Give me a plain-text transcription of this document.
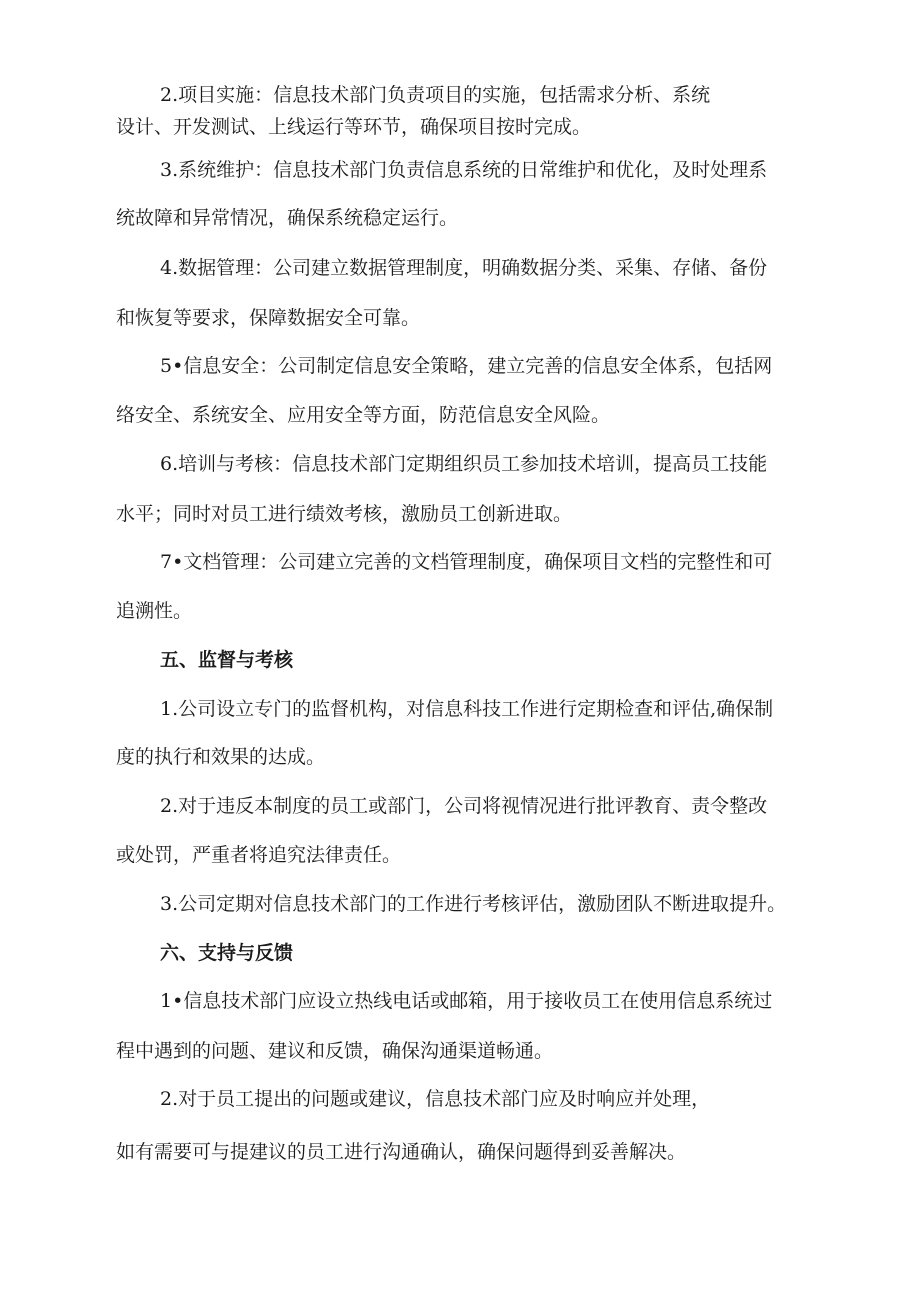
2.项目实施：信息技术部门负责项目的实施，包括需求分析、系统
设计、开发测试、上线运行等环节，确保项目按时完成。
3.系统维护：信息技术部门负责信息系统的日常维护和优化，及时处理系
统故障和异常情况，确保系统稳定运行。
4.数据管理：公司建立数据管理制度，明确数据分类、采集、存储、备份
和恢复等要求，保障数据安全可靠。
5•信息安全：公司制定信息安全策略，建立完善的信息安全体系，包括网
络安全、系统安全、应用安全等方面，防范信息安全风险。
6.培训与考核：信息技术部门定期组织员工参加技术培训，提高员工技能
水平；同时对员工进行绩效考核，激励员工创新进取。
7•文档管理：公司建立完善的文档管理制度，确保项目文档的完整性和可
追溯性。
五、监督与考核
1.公司设立专门的监督机构，对信息科技工作进行定期检查和评估,确保制
度的执行和效果的达成。
2.对于违反本制度的员工或部门，公司将视情况进行批评教育、责令整改
或处罚，严重者将追究法律责任。
3.公司定期对信息技术部门的工作进行考核评估，激励团队不断进取提升。
六、支持与反馈
1•信息技术部门应设立热线电话或邮箱，用于接收员工在使用信息系统过
程中遇到的问题、建议和反馈，确保沟通渠道畅通。
2.对于员工提出的问题或建议，信息技术部门应及时响应并处理，
如有需要可与提建议的员工进行沟通确认，确保问题得到妥善解决。
